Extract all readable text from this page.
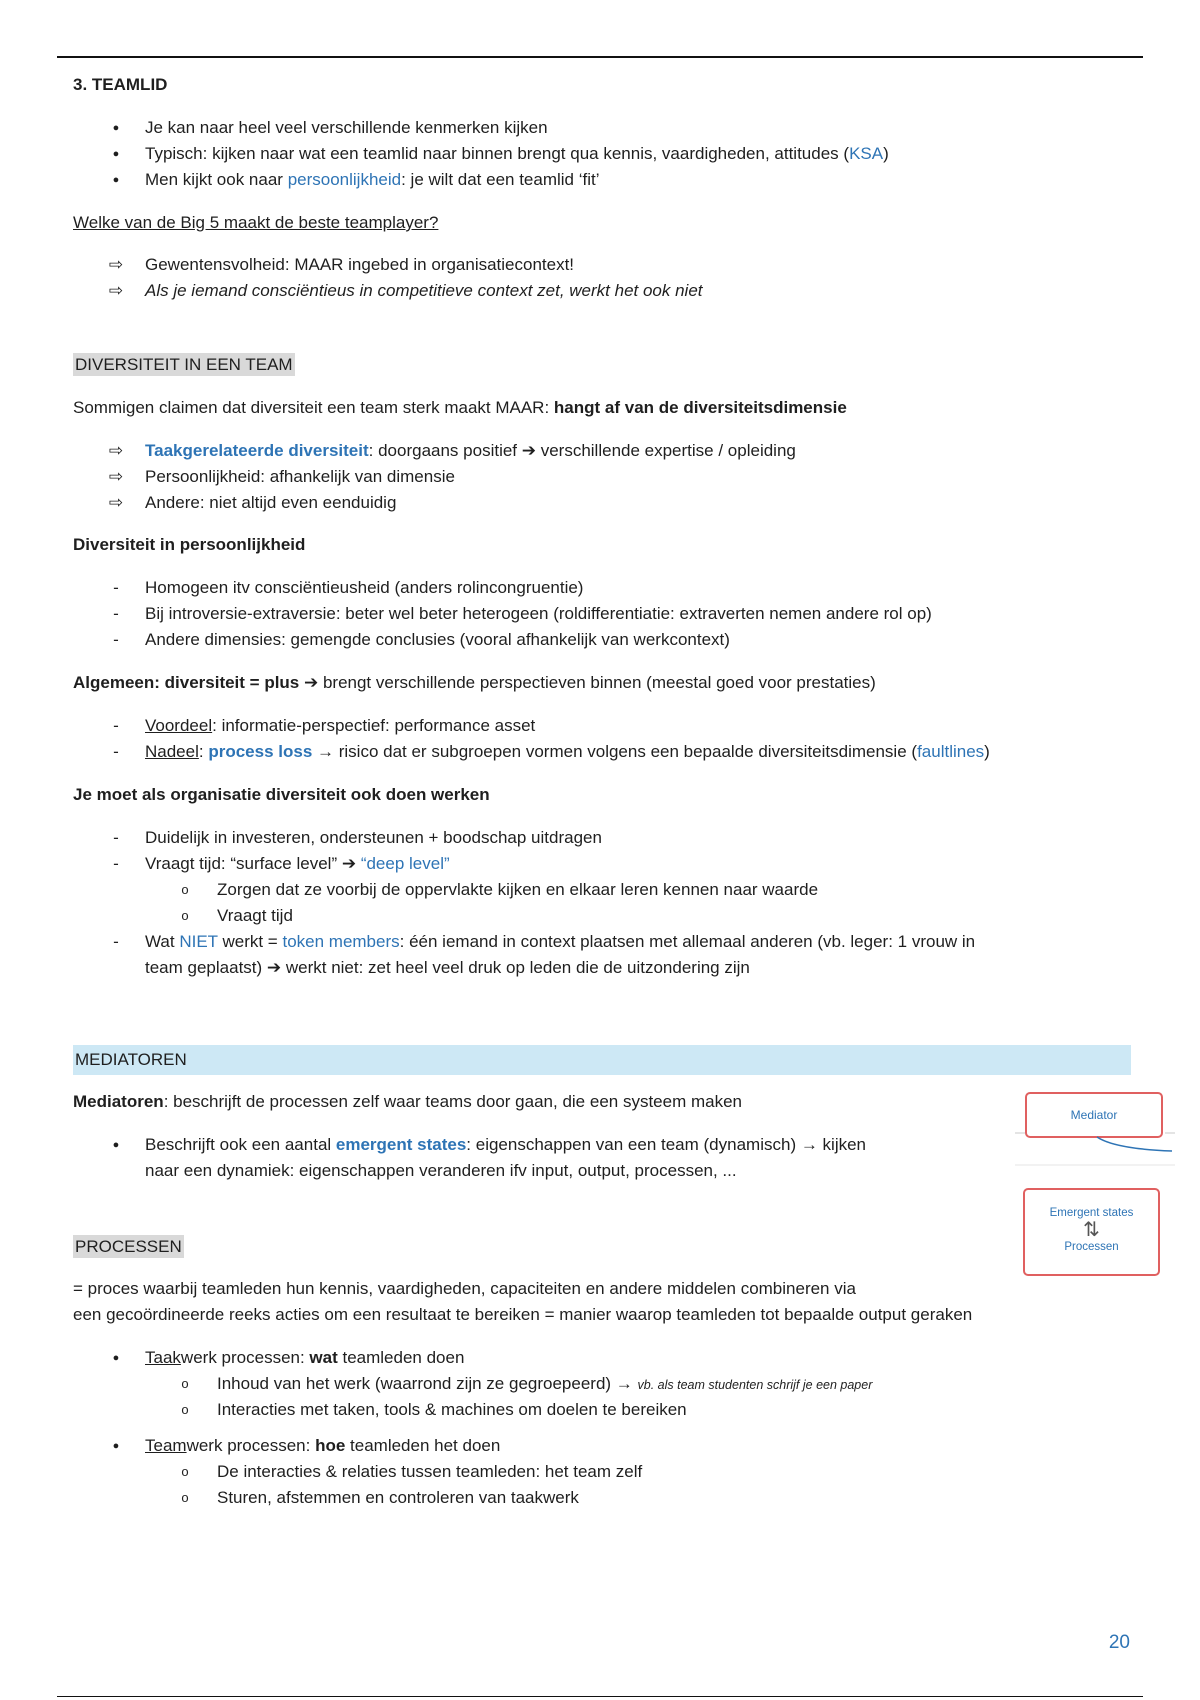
3. TEAMLID
●	Je kan naar heel veel verschillende kenmerken kijken
●	Typisch: kijken naar wat een teamlid naar binnen brengt qua kennis, vaardigheden, attitudes (KSA)
●	Men kijkt ook naar persoonlijkheid: je wilt dat een teamlid ‘fit’
Welke van de Big 5 maakt de beste teamplayer?
⇨ Gewentensvolheid: MAAR ingebed in organisatiecontext!
⇨ Als je iemand consciëntieus in competitieve context zet, werkt het ook niet
DIVERSITEIT IN EEN TEAM
Sommigen claimen dat diversiteit een team sterk maakt MAAR: hangt af van de diversiteitsdimensie
⇨ Taakgerelateerde diversiteit: doorgaans positief ➔ verschillende expertise / opleiding
⇨ Persoonlijkheid: afhankelijk van dimensie
⇨ Andere: niet altijd even eenduidig
Diversiteit in persoonlijkheid
-	Homogeen itv consciëntieusheid (anders rolincongruentie)
-	Bij introversie-extraversie: beter wel beter heterogeen (roldifferentiatie: extraverten nemen andere rol op)
-	Andere dimensies: gemengde conclusies (vooral afhankelijk van werkcontext)
Algemeen: diversiteit = plus ➔ brengt verschillende perspectieven binnen (meestal goed voor prestaties)
-	Voordeel: informatie-perspectief: performance asset
-	Nadeel: process loss → risico dat er subgroepen vormen volgens een bepaalde diversiteitsdimensie (faultlines)
Je moet als organisatie diversiteit ook doen werken
-	Duidelijk in investeren, ondersteunen + boodschap uitdragen
-	Vraagt tijd: “surface level” ➔ “deep level”
o Zorgen dat ze voorbij de oppervlakte kijken en elkaar leren kennen naar waarde
o Vraagt tijd
-	Wat NIET werkt = token members: één iemand in context plaatsen met allemaal anderen (vb. leger: 1 vrouw in
team geplaatst) ➔ werkt niet: zet heel veel druk op leden die de uitzondering zijn
MEDIATOREN
Mediatoren: beschrijft de processen zelf waar teams door gaan, die een systeem maken
●	Beschrijft ook een aantal emergent states: eigenschappen van een team (dynamisch) → kijken
naar een dynamiek: eigenschappen veranderen ifv input, output, processen, ...
PROCESSEN
= proces waarbij teamleden hun kennis, vaardigheden, capaciteiten en andere middelen combineren via
een gecoördineerde reeks acties om een resultaat te bereiken = manier waarop teamleden tot bepaalde output geraken
●	Taakwerk processen: wat teamleden doen
o Inhoud van het werk (waarrond zijn ze gegroepeerd) → vb. als team studenten schrijf je een paper
o Interacties met taken, tools & machines om doelen te bereiken
●	Teamwerk processen: hoe teamleden het doen
o De interacties & relaties tussen teamleden: het team zelf
o Sturen, afstemmen en controleren van taakwerk
Mediator
Emergent states
⇅
Processen
20
